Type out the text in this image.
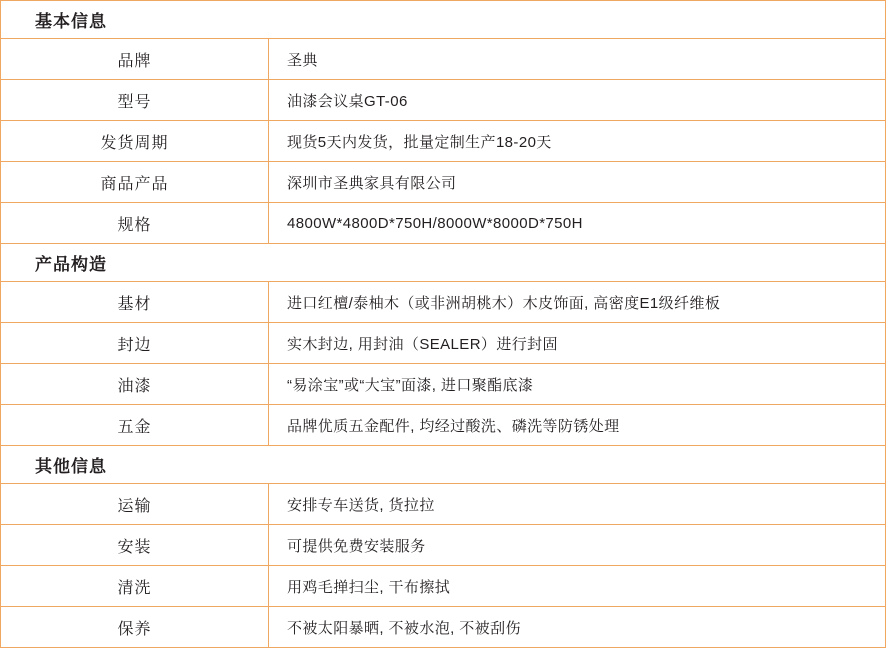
基本信息	
品牌	圣典
型号	油漆会议桌GT-06
发货周期	现货5天内发货，批量定制生产18-20天
商品产品	深圳市圣典家具有限公司
规格	4800W*4800D*750H/8000W*8000D*750H
产品构造	
基材	进口红檀/泰柚木（或非洲胡桃木）木皮饰面, 高密度E1级纤维板
封边	实木封边, 用封油（SEALER）进行封固
油漆	“易涂宝”或“大宝”面漆, 进口聚酯底漆
五金	品牌优质五金配件, 均经过酸洗、磷洗等防锈处理
其他信息	
运输	安排专车送货, 货拉拉
安装	可提供免费安装服务
清洗	用鸡毛掸扫尘, 干布擦拭
保养	不被太阳暴晒, 不被水泡, 不被刮伤
